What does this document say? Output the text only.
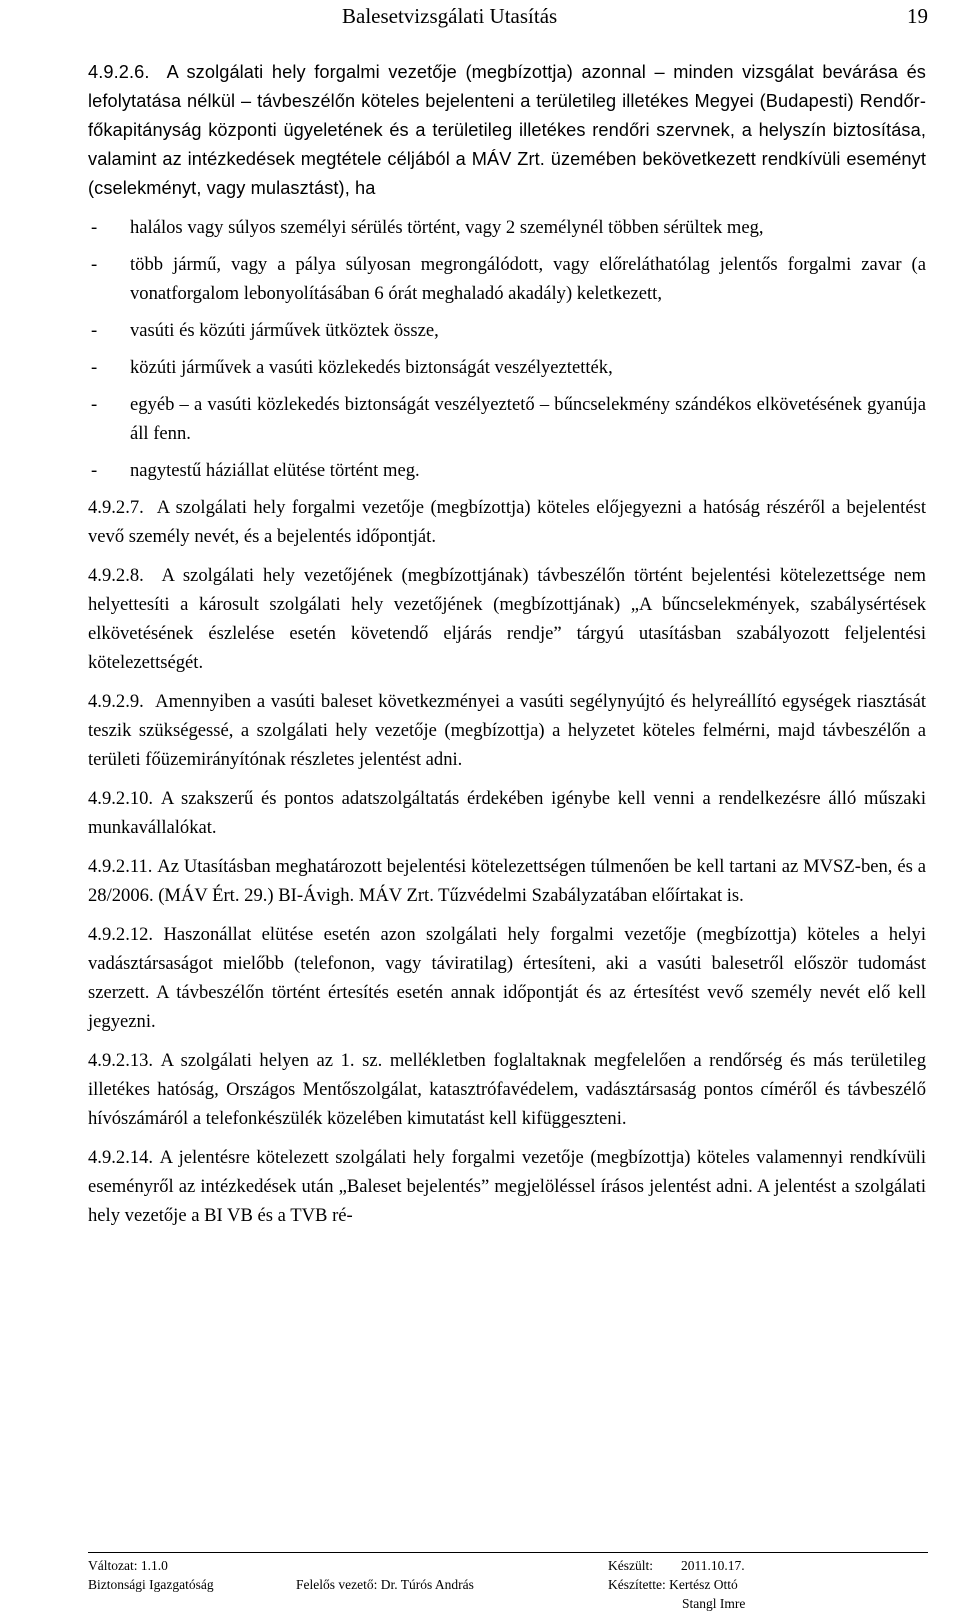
Balesetvizsgálati Utasítás	19

4.9.2.6. A szolgálati hely forgalmi vezetője (megbízottja) azonnal – minden vizsgálat bevárása és lefolytatása nélkül – távbeszélőn köteles bejelenteni a területileg illetékes Megyei (Budapesti) Rendőr-főkapitányság központi ügyeletének és a területileg illetékes rendőri szervnek, a helyszín biztosítása, valamint az intézkedések megtétele céljából a MÁV Zrt. üzemében bekövetkezett rendkívüli eseményt (cselekményt, vagy mulasztást), ha

- halálos vagy súlyos személyi sérülés történt, vagy 2 személynél többen sérültek meg,
- több jármű, vagy a pálya súlyosan megrongálódott, vagy előreláthatólag jelentős forgalmi zavar (a vonatforgalom lebonyolításában 6 órát meghaladó akadály) keletkezett,
- vasúti és közúti járművek ütköztek össze,
- közúti járművek a vasúti közlekedés biztonságát veszélyeztették,
- egyéb – a vasúti közlekedés biztonságát veszélyeztető – bűncselekmény szándékos elkövetésének gyanúja áll fenn.
- nagytestű háziállat elütése történt meg.

4.9.2.7. A szolgálati hely forgalmi vezetője (megbízottja) köteles előjegyezni a hatóság részéről a bejelentést vevő személy nevét, és a bejelentés időpontját.

4.9.2.8. A szolgálati hely vezetőjének (megbízottjának) távbeszélőn történt bejelentési kötelezettsége nem helyettesíti a károsult szolgálati hely vezetőjének (megbízottjának) „A bűncselekmények, szabálysértések elkövetésének észlelése esetén követendő eljárás rendje” tárgyú utasításban szabályozott feljelentési kötelezettségét.

4.9.2.9. Amennyiben a vasúti baleset következményei a vasúti segélynyújtó és helyreállító egységek riasztását teszik szükségessé, a szolgálati hely vezetője (megbízottja) a helyzetet köteles felmérni, majd távbeszélőn a területi főüzemirányítónak részletes jelentést adni.

4.9.2.10. A szakszerű és pontos adatszolgáltatás érdekében igénybe kell venni a rendelkezésre álló műszaki munkavállalókat.

4.9.2.11. Az Utasításban meghatározott bejelentési kötelezettségen túlmenően be kell tartani az MVSZ-ben, és a 28/2006. (MÁV Ért. 29.) BI-Ávigh. MÁV Zrt. Tűzvédelmi Szabályzatában előírtakat is.

4.9.2.12. Haszonállat elütése esetén azon szolgálati hely forgalmi vezetője (megbízottja) köteles a helyi vadásztársaságot mielőbb (telefonon, vagy táviratilag) értesíteni, aki a vasúti balesetről először tudomást szerzett. A távbeszélőn történt értesítés esetén annak időpontját és az értesítést vevő személy nevét elő kell jegyezni.

4.9.2.13. A szolgálati helyen az 1. sz. mellékletben foglaltaknak megfelelően a rendőrség és más területileg illetékes hatóság, Országos Mentőszolgálat, katasztrófavédelem, vadásztársaság pontos címéről és távbeszélő hívószámáról a telefonkészülék közelében kimutatást kell kifüggeszteni.

4.9.2.14. A jelentésre kötelezett szolgálati hely forgalmi vezetője (megbízottja) köteles valamennyi rendkívüli eseményről az intézkedések után „Baleset bejelentés” megjelöléssel írásos jelentést adni. A jelentést a szolgálati hely vezetője a BI VB és a TVB ré-

Változat: 1.1.0
Biztonsági Igazgatóság	Felelős vezető: Dr. Túrós András
Készült: 2011.10.17.
Készítette: Kertész Ottó
Stangl Imre
